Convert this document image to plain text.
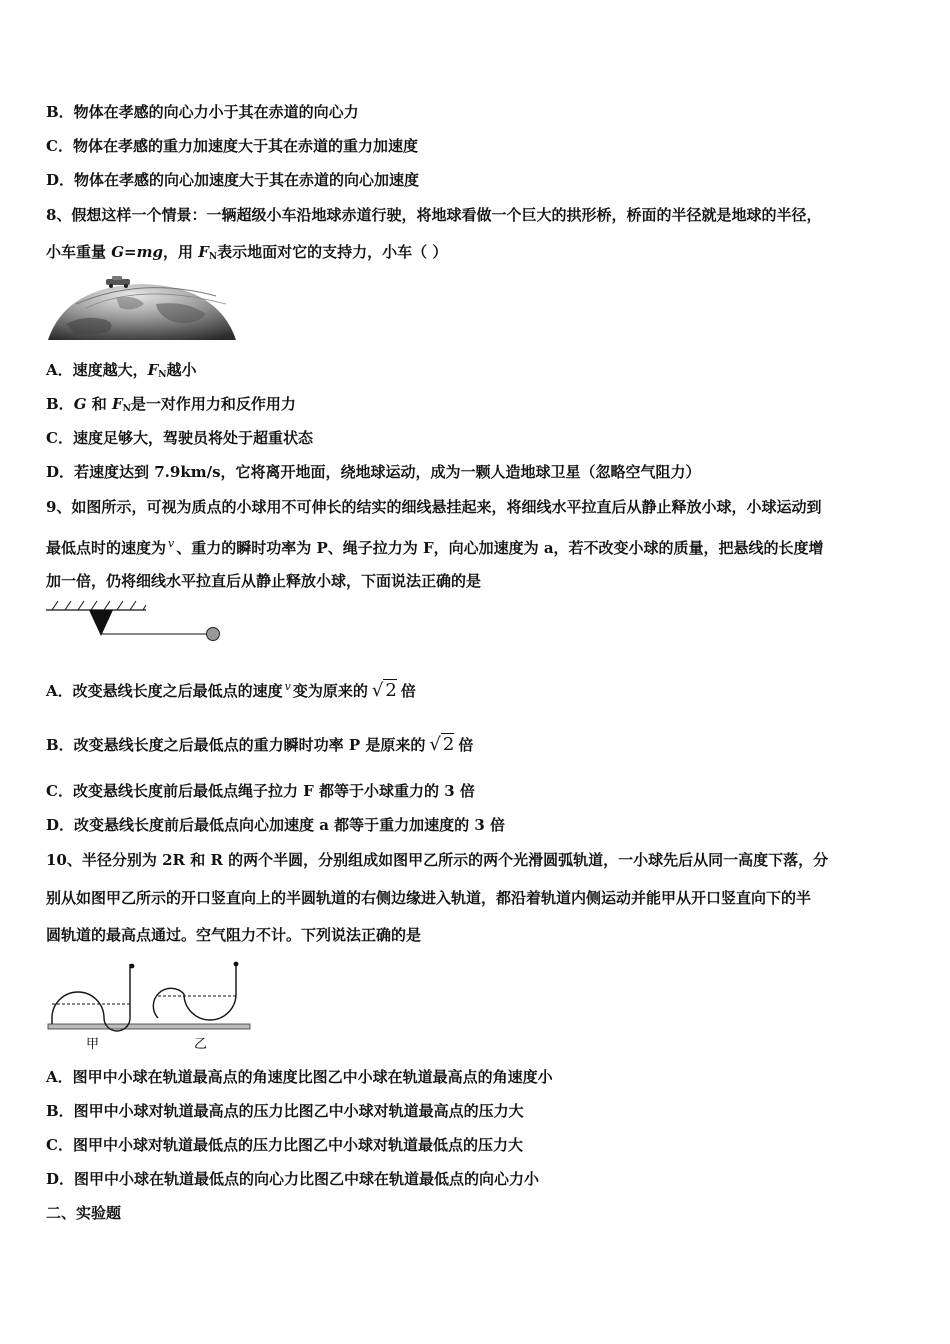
B．物体在孝感的向心力小于其在赤道的向心力
C．物体在孝感的重力加速度大于其在赤道的重力加速度
D．物体在孝感的向心加速度大于其在赤道的向心加速度
8、假想这样一个情景：一辆超级小车沿地球赤道行驶，将地球看做一个巨大的拱形桥，桥面的半径就是地球的半径，
小车重量 G=mg，用 $F_N$表示地面对它的支持力，小车（ ）
A．速度越大，$F_N$越小
B．G 和 $F_N$是一对作用力和反作用力
C．速度足够大，驾驶员将处于超重状态
D．若速度达到 7.9km/s，它将离开地面，绕地球运动，成为一颗人造地球卫星（忽略空气阻力）
9、如图所示，可视为质点的小球用不可伸长的结实的细线悬挂起来，将细线水平拉直后从静止释放小球，小球运动到
最低点时的速度为 $^v$ 、重力的瞬时功率为 P、绳子拉力为 F，向心加速度为 a，若不改变小球的质量，把悬线的长度增
加一倍，仍将细线水平拉直后从静止释放小球，下面说法正确的是
A．改变悬线长度之后最低点的速度 $^v$ 变为原来的 √ 2 倍
B．改变悬线长度之后最低点的重力瞬时功率 P 是原来的 √ 2 倍
C．改变悬线长度前后最低点绳子拉力 F 都等于小球重力的 3 倍
D．改变悬线长度前后最低点向心加速度 a 都等于重力加速度的 3 倍
10、半径分别为 2R 和 R 的两个半圆，分别组成如图甲乙所示的两个光滑圆弧轨道，一小球先后从同一高度下落，分
别从如图甲乙所示的开口竖直向上的半圆轨道的右侧边缘进入轨道，都沿着轨道内侧运动并能甲从开口竖直向下的半
圆轨道的最高点通过。空气阻力不计。下列说法正确的是
甲	乙
A．图甲中小球在轨道最高点的角速度比图乙中小球在轨道最高点的角速度小
B．图甲中小球对轨道最高点的压力比图乙中小球对轨道最高点的压力大
C．图甲中小球对轨道最低点的压力比图乙中小球对轨道最低点的压力大
D．图甲中小球在轨道最低点的向心力比图乙中球在轨道最低点的向心力小
二、实验题
